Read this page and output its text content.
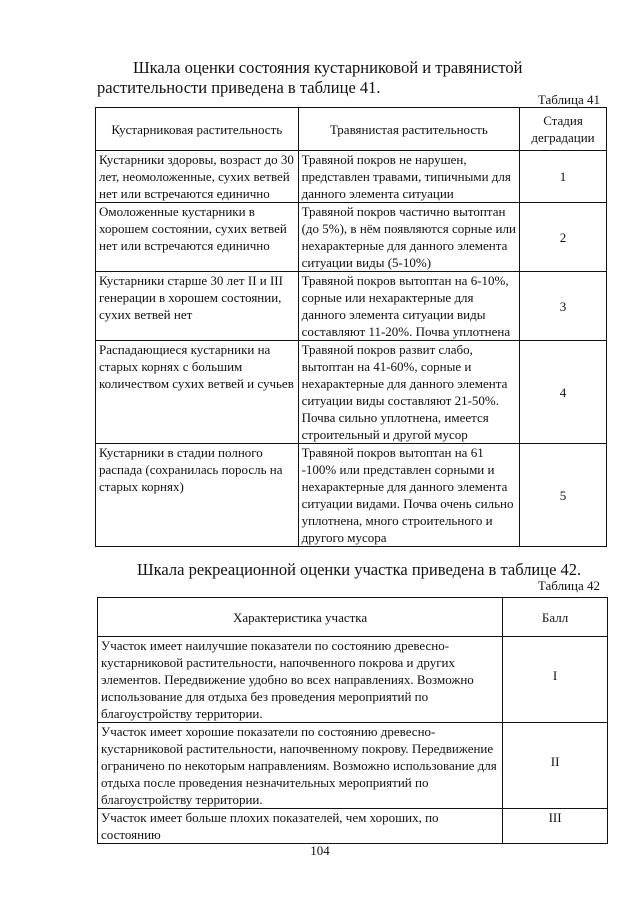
Шкала оценки состояния кустарниковой и травянистой растительности приведена в таблице 41.

Таблица 41

Кустарниковая растительность	Травянистая растительность	Стадия деградации
Кустарники здоровы, возраст до 30 лет, неомоложенные, сухих ветвей нет или встречаются единично	Травяной покров не нарушен, представлен травами, типичными для данного элемента ситуации	1
Омоложенные кустарники в хорошем состоянии, сухих ветвей нет или встречаются единично	Травяной покров частично вытоптан (до 5%), в нём появляются сорные или нехарактерные для данного элемента ситуации виды (5-10%)	2
Кустарники старше 30 лет II и III генерации в хорошем состоянии, сухих ветвей нет	Травяной покров вытоптан на 6-10%, сорные или нехарактерные для данного элемента ситуации виды составляют 11-20%. Почва уплотнена	3
Распадающиеся кустарники на старых корнях с большим количеством сухих ветвей и сучьев	Травяной покров развит слабо, вытоптан на 41-60%, сорные и нехарактерные для данного элемента ситуации виды составляют 21-50%. Почва сильно уплотнена, имеется строительный и другой мусор	4
Кустарники в стадии полного распада (сохранилась поросль на старых корнях)	Травяной покров вытоптан на 61 -100% или представлен сорными и нехарактерные для данного элемента ситуации видами. Почва очень сильно уплотнена, много строительного и другого мусора	5

Шкала рекреационной оценки участка приведена в таблице 42.

Таблица 42

Характеристика участка	Балл
Участок имеет наилучшие показатели по состоянию древесно-кустарниковой растительности, напочвенного покрова и других элементов. Передвижение удобно во всех направлениях. Возможно использование для отдыха без проведения мероприятий по благоустройству территории.	I
Участок имеет хорошие показатели по состоянию древесно-кустарниковой растительности, напочвенному покрову. Передвижение ограничено по некоторым направлениям. Возможно использование для отдыха после проведения незначительных мероприятий по благоустройству территории.	II
Участок имеет больше плохих показателей, чем хороших, по состоянию	III

104
